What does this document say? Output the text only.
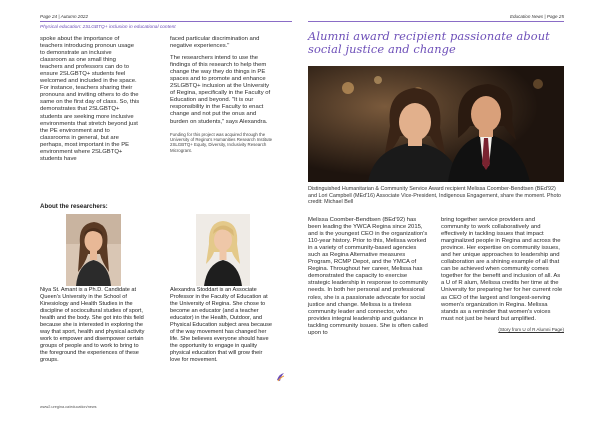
Page 24 | Autumn 2022
Physical education: 2SLGBTQ+ inclusion in educational content

spoke about the importance of teachers introducing pronoun usage to demonstrate an inclusive classroom as one small thing teachers and professors can do to ensure 2SLGBTQ+ students feel welcomed and included in the space. For instance, teachers sharing their pronouns and inviting others to do the same on the first day of class. So, this demonstrates that 2SLGBTQ+ students are seeking more inclusive environments that stretch beyond just the PE environment and to classrooms in general, but are perhaps, most important in the PE environment where 2SLGBTQ+ students have

faced particular discrimination and negative experiences."

The researchers intend to use the findings of this research to help them change the way they do things in PE spaces and to promote and enhance 2SLGBTQ+ inclusion at the University of Regina, specifically in the Faculty of Education and beyond. "It is our responsibility in the Faculty to enact change and not put the onus and burden on students," says Alexandra.

Funding for this project was acquired through the University of Regina's Humanities Research Institute 2SLGBTQ+ Equity, Diversity, Inclusivity Research Microgrant.
About the researchers:
Niya St. Amant is a Ph.D. Candidate at Queen's University in the School of Kinesiology and Health Studies in the discipline of sociocultural studies of sport, health and the body. She got into this field because she is interested in exploring the way that sport, health and physical activity work to empower and disempower certain groups of people and to work to bring to the foreground the experiences of these groups.
Alexandra Stoddart is an Associate Professor in the Faculty of Education at the University of Regina. She chose to become an educator (and a teacher educator) in the Health, Outdoor, and Physical Education subject area because of the way movement has changed her life. She believes everyone should have the opportunity to engage in quality physical education that will grow their love for movement.
www2.uregina.ca/education/news
Education News | Page 25
Alumni award recipient passionate about social justice and change
Distinguished Humanitarian & Community Service Award recipient Melissa Coomber-Bendtsen (BEd'92) and Lori Campbell (MEd'16) Associate Vice-President, Indigenous Engagement, share the moment. Photo credit: Michael Bell

Melissa Coomber-Bendtsen (BEd'92) has been leading the YWCA Regina since 2015, and is the youngest CEO in the organization's 110-year history. Prior to this, Melissa worked in a variety of community-based agencies such as Regina Alternative measures Program, RCMP Depot, and the YMCA of Regina. Throughout her career, Melissa has demonstrated the capacity to exercise strategic leadership in response to community needs. In both her personal and professional roles, she is a passionate advocate for social justice and change. Melissa is a tireless community leader and connector, who provides integral leadership and guidance in tackling community issues. She is often called upon to

bring together service providers and community to work collaboratively and effectively in tackling issues that impact marginalized people in Regina and across the province. Her expertise on community issues, and her unique approaches to leadership and collaboration are a shining example of all that can be achieved when community comes together for the benefit and inclusion of all. As a U of R alum, Melissa credits her time at the University for preparing her for her current role as CEO of the largest and longest-serving women's organization in Regina. Melissa stands as a reminder that women's voices must not just be heard but amplified.

(Story from U of R Alumni Page)
